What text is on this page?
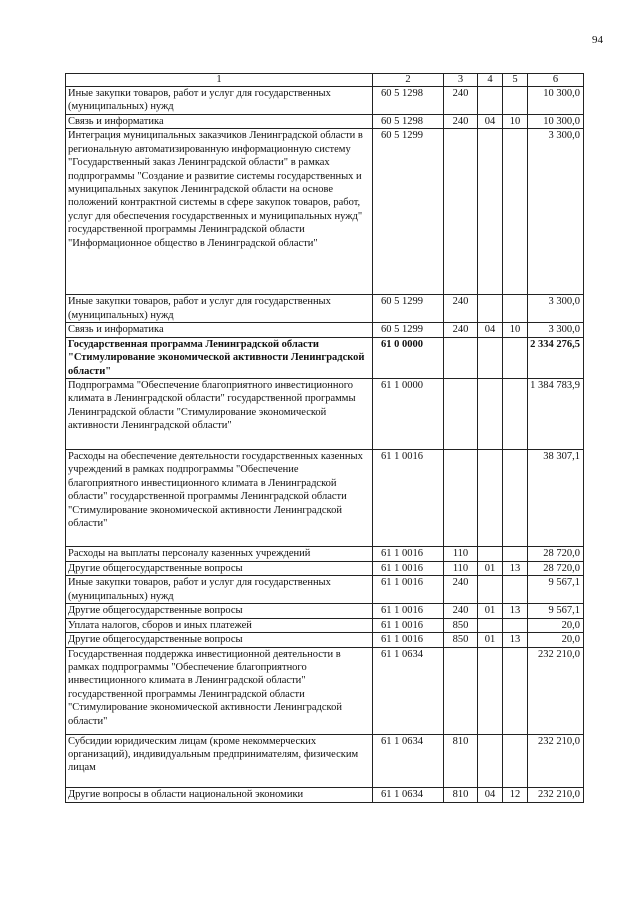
94
1	2	3	4	5	6
Иные закупки товаров, работ и услуг для государственных (муниципальных) нужд	60 5 1298	240			10 300,0
Связь и информатика	60 5 1298	240	04	10	10 300,0
Интеграция муниципальных заказчиков Ленинградской области в региональную автоматизированную информационную систему "Государственный заказ Ленинградской области" в рамках подпрограммы "Создание и развитие системы государственных и муниципальных закупок Ленинградской области на основе положений контрактной системы в сфере закупок товаров, работ, услуг для обеспечения государственных и муниципальных нужд" государственной программы Ленинградской области "Информационное общество в Ленинградской области"	60 5 1299				3 300,0
Иные закупки товаров, работ и услуг для государственных (муниципальных) нужд	60 5 1299	240			3 300,0
Связь и информатика	60 5 1299	240	04	10	3 300,0
Государственная программа Ленинградской области "Стимулирование экономической активности Ленинградской области"	61 0 0000				2 334 276,5
Подпрограмма "Обеспечение благоприятного инвестиционного климата в Ленинградской области" государственной программы Ленинградской области "Стимулирование экономической активности Ленинградской области"	61 1 0000				1 384 783,9
Расходы на обеспечение деятельности государственных казенных учреждений в рамках подпрограммы "Обеспечение благоприятного инвестиционного климата в Ленинградской области" государственной программы Ленинградской области "Стимулирование экономической активности Ленинградской области"	61 1 0016				38 307,1
Расходы на выплаты персоналу казенных учреждений	61 1 0016	110			28 720,0
Другие общегосударственные вопросы	61 1 0016	110	01	13	28 720,0
Иные закупки товаров, работ и услуг для государственных (муниципальных) нужд	61 1 0016	240			9 567,1
Другие общегосударственные вопросы	61 1 0016	240	01	13	9 567,1
Уплата налогов, сборов и иных платежей	61 1 0016	850			20,0
Другие общегосударственные вопросы	61 1 0016	850	01	13	20,0
Государственная поддержка инвестиционной деятельности в рамках подпрограммы "Обеспечение благоприятного инвестиционного климата в Ленинградской области" государственной программы Ленинградской области "Стимулирование экономической активности Ленинградской области"	61 1 0634				232 210,0
Субсидии юридическим лицам (кроме некоммерческих организаций), индивидуальным предпринимателям, физическим лицам	61 1 0634	810			232 210,0
Другие вопросы в области национальной экономики	61 1 0634	810	04	12	232 210,0
